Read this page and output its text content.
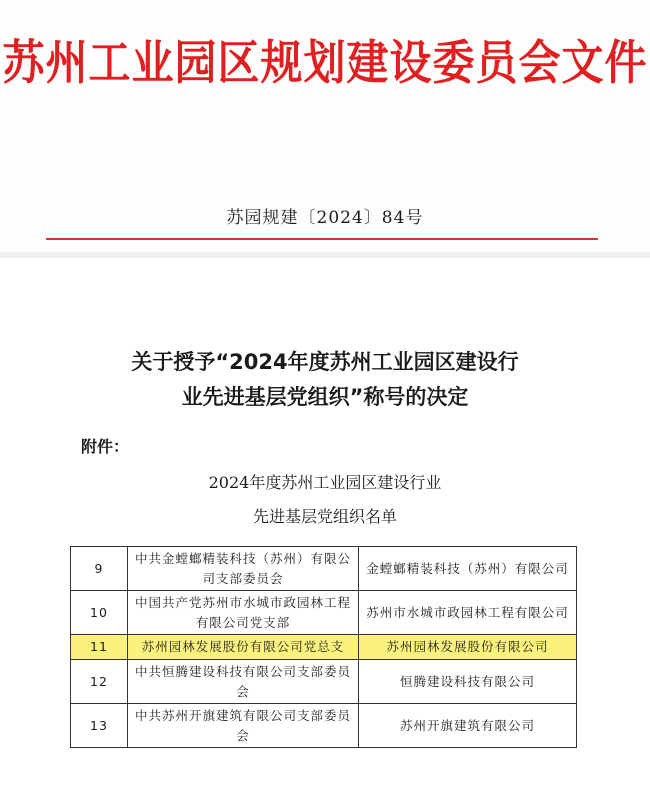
苏州工业园区规划建设委员会文件
苏园规建〔2024〕84号
关于授予“2024年度苏州工业园区建设行
业先进基层党组织”称号的决定
附件：
2024年度苏州工业园区建设行业
先进基层党组织名单
9	中共金螳螂精装科技（苏州）有限公司支部委员会	金螳螂精装科技（苏州）有限公司
10	中国共产党苏州市水城市政园林工程有限公司党支部	苏州市水城市政园林工程有限公司
11	苏州园林发展股份有限公司党总支	苏州园林发展股份有限公司
12	中共恒腾建设科技有限公司支部委员会	恒腾建设科技有限公司
13	中共苏州开旗建筑有限公司支部委员会	苏州开旗建筑有限公司
